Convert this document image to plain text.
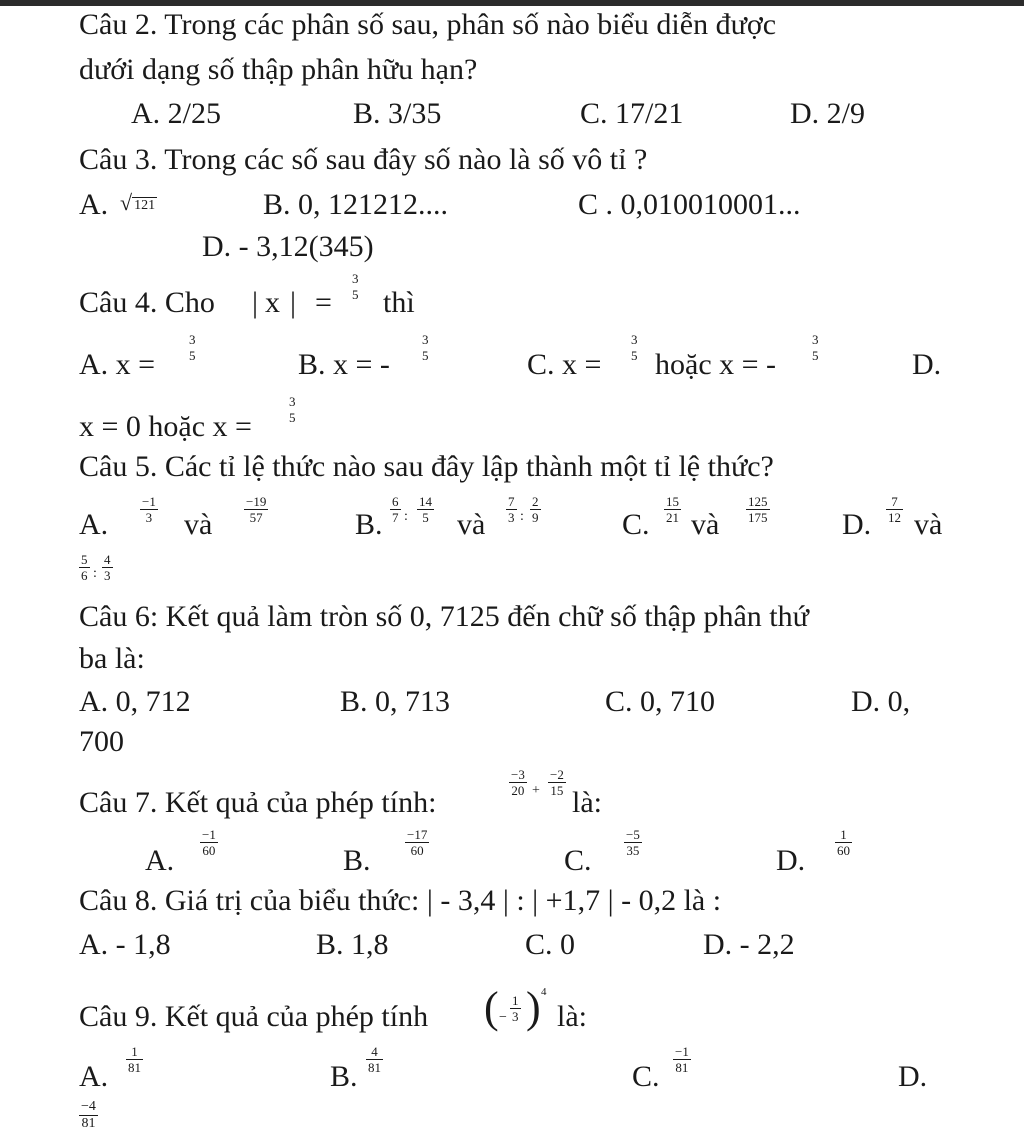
Câu 2. Trong các phân số sau, phân số nào biểu diễn được
dưới dạng số thập phân hữu hạn?
A. 2/25	B. 3/35	C. 17/21	D. 2/9
Câu 3. Trong các số sau đây số nào là số vô tỉ ?
A. √ 121	B. 0, 121212....	C . 0,010010001...
D. - 3,12(345)
Câu 4. Cho | x | =
3
5 thì
A. x =
3
5	B. x = -
3
5	C. x =
3
5 hoặc x = -
3
5	D.
x = 0 hoặc x =
3
5
Câu 5. Các tỉ lệ thức nào sau đây lập thành một tỉ lệ thức?
A.
−1
3 và
−19
57	B.
6
7 :
14
5 và
7
3 :
2
9	C.
15
21 và
125
175 D.
7
12 và
5
6 :
4
3
Câu 6: Kết quả làm tròn số 0, 7125 đến chữ số thập phân thứ
ba là:
A. 0, 712	B. 0, 713	C. 0, 710	D. 0,
700
Câu 7. Kết quả của phép tính:
−3
20 +
−2
15 là:
A.
−1
60	B.
−17
60	C.
−5
35	D.
1
60
Câu 8. Giá trị của biểu thức: | - 3,4 | : | +1,7 | - 0,2 là :
A. - 1,8	B. 1,8	C. 0	D. - 2,2
Câu 9. Kết quả của phép tính ( −
1
3 ) 4
là:
A.
1
81	B.
4
81	C.
−1
81	D.
−4
81
